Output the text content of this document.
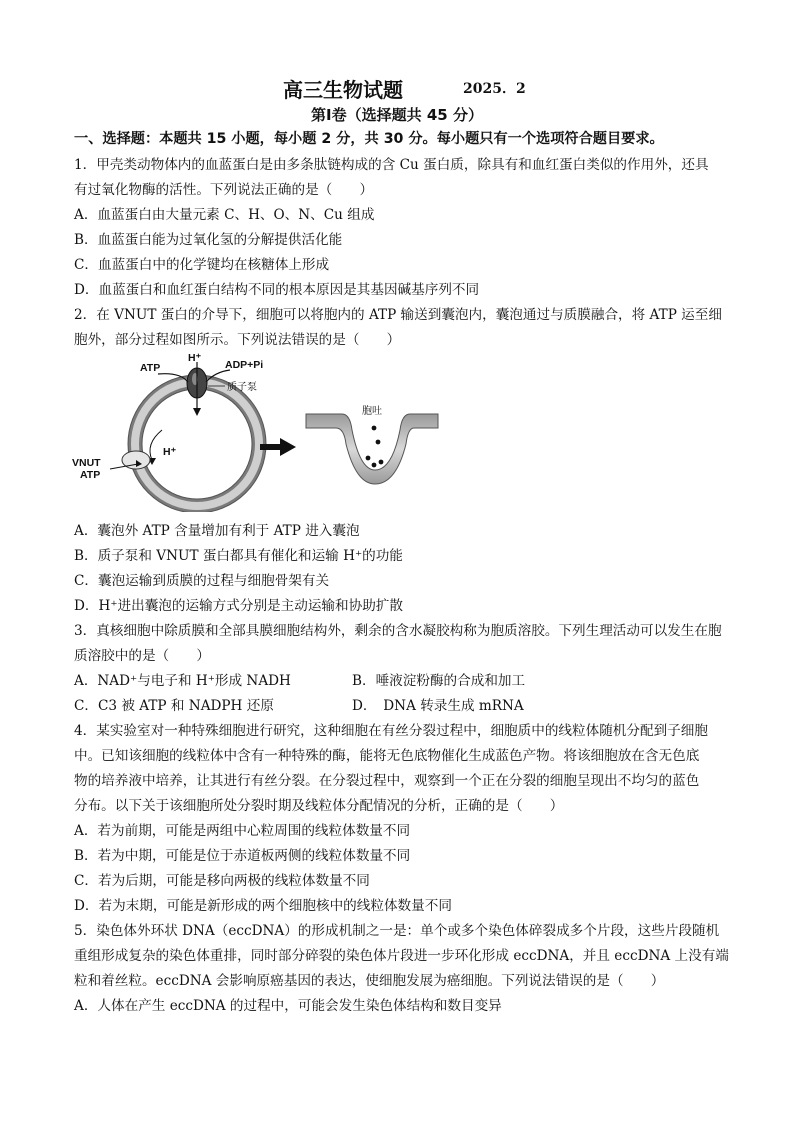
高三生物试题	2025．2
第Ⅰ卷（选择题共 45 分）
一、选择题：本题共 15 小题，每小题 2 分，共 30 分。每小题只有一个选项符合题目要求。
1．甲壳类动物体内的血蓝蛋白是由多条肽链构成的含 Cu 蛋白质，除具有和血红蛋白类似的作用外，还具
有过氧化物酶的活性。下列说法正确的是（　　）
A．血蓝蛋白由大量元素 C、H、O、N、Cu 组成
B．血蓝蛋白能为过氧化氢的分解提供活化能
C．血蓝蛋白中的化学键均在核糖体上形成
D．血蓝蛋白和血红蛋白结构不同的根本原因是其基因碱基序列不同
2．在 VNUT 蛋白的介导下，细胞可以将胞内的 ATP 输送到囊泡内，囊泡通过与质膜融合，将 ATP 运至细
胞外，部分过程如图所示。下列说法错误的是（　　）
ATP
H⁺
ADP+Pi
质子泵
H⁺
VNUT
ATP
胞吐
A．囊泡外 ATP 含量增加有利于 ATP 进入囊泡
B．质子泵和 VNUT 蛋白都具有催化和运输 H⁺的功能
C．囊泡运输到质膜的过程与细胞骨架有关
D．H⁺进出囊泡的运输方式分别是主动运输和协助扩散
3．真核细胞中除质膜和全部具膜细胞结构外，剩余的含水凝胶构称为胞质溶胶。下列生理活动可以发生在胞
质溶胶中的是（　　）
A．NAD⁺与电子和 H⁺形成 NADH	B．唾液淀粉酶的合成和加工
C．C3 被 ATP 和 NADPH 还原	D．　DNA 转录生成 mRNA
4．某实验室对一种特殊细胞进行研究，这种细胞在有丝分裂过程中，细胞质中的线粒体随机分配到子细胞
中。已知该细胞的线粒体中含有一种特殊的酶，能将无色底物催化生成蓝色产物。将该细胞放在含无色底
物的培养液中培养，让其进行有丝分裂。在分裂过程中，观察到一个正在分裂的细胞呈现出不均匀的蓝色
分布。以下关于该细胞所处分裂时期及线粒体分配情况的分析，正确的是（　　）
A．若为前期，可能是两组中心粒周围的线粒体数量不同
B．若为中期，可能是位于赤道板两侧的线粒体数量不同
C．若为后期，可能是移向两极的线粒体数量不同
D．若为末期，可能是新形成的两个细胞核中的线粒体数量不同
5．染色体外环状 DNA（eccDNA）的形成机制之一是：单个或多个染色体碎裂成多个片段，这些片段随机
重组形成复杂的染色体重排，同时部分碎裂的染色体片段进一步环化形成 eccDNA，并且 eccDNA 上没有端
粒和着丝粒。eccDNA 会影响原癌基因的表达，使细胞发展为癌细胞。下列说法错误的是（　　）
A．人体在产生 eccDNA 的过程中，可能会发生染色体结构和数目变异
